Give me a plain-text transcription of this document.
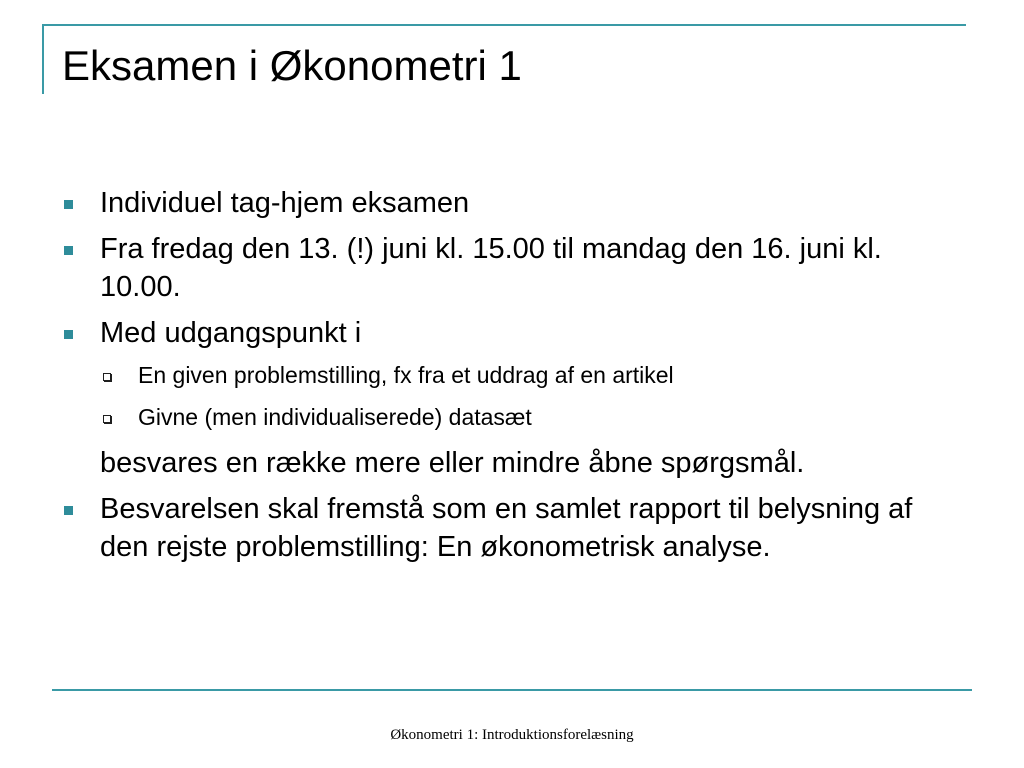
Eksamen i Økonometri 1
Individuel tag-hjem eksamen
Fra fredag den 13. (!) juni kl. 15.00 til mandag den 16. juni kl. 10.00.
Med udgangspunkt i
En given problemstilling, fx fra et uddrag af en artikel
Givne (men individualiserede) datasæt
besvares en række mere eller mindre åbne spørgsmål.
Besvarelsen skal fremstå som en samlet rapport til belysning af den rejste problemstilling: En økonometrisk analyse.
Økonometri 1: Introduktionsforelæsning
